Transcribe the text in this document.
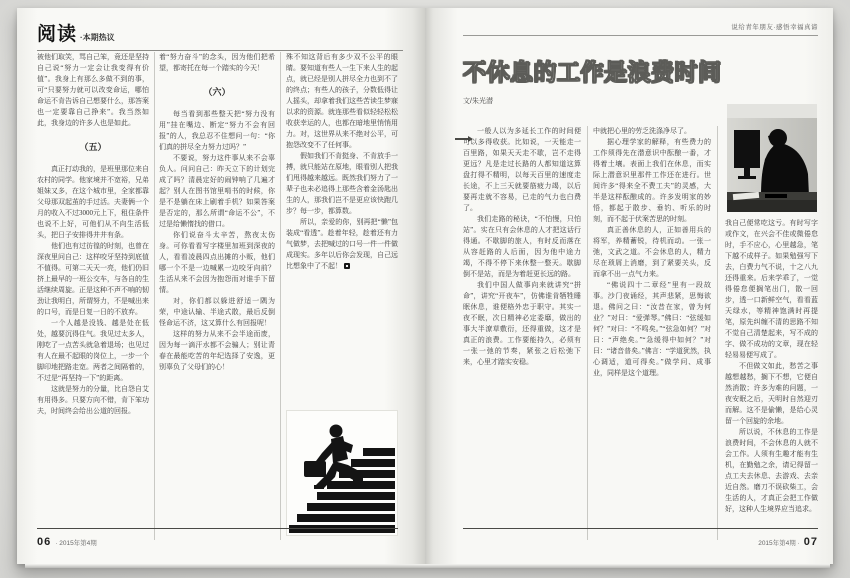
阅读 ·本期热议

被他们取笑，骂自己笨，竟还是坚持自己说“努力一定会让我变得有价值”。我身上有那么多做不到的事，可“只要努力就可以改变命运，哪怕命运不肯告诉自己想要什么，那答案也一定要靠自己挣来”。我当然如此，我身边的许多人也是如此。

（五）

真正打动我的，是班里那位来自农村的同学。他家境并不宽裕，兄弟姐妹又多，在这个城市里，全家都靠父母那双起茧的手过活。夫妻俩一个月的收入不过3000元上下，租住条件也说不上好，可他们从不向生活低头，把日子安排得井井有条。

他们也有过彷徨的时刻，也曾在深夜里问自己：这样咬牙坚持到底值不值得。可第二天天一亮，他们仍旧挤上最早的一班公交车，与各自的生活继续周旋。正是这种不声不响的韧劲让我明白，所谓努力，不是喊出来的口号，而是日复一日的不放弃。

一个人越是没钱、越是处在低处，越要沉得住气。我见过太多人，刚吃了一点苦头就急着退场；也见过有人在最不起眼的岗位上，一步一个脚印地把路走宽。两者之间隔着的，不过是“再坚持一下”的距离。

这就是努力的分量，比自怨自艾有用得多。只要方向不错，肯下笨功夫，时间终会给出公道的回报。

着“努力奋斗”的念头，因为他们把希望，都寄托在每一个踏实的今天！

（六）

每当看到那些整天把“努力没有用”挂在嘴边、断定“努力不会有回报”的人，我总忍不住想问一句：“你们真的拼尽全力努力过吗？”

不要说，努力这件事从来不会辜负人。问问自己：昨天立下的计划完成了吗？清晨定好的闹钟响了几遍才起？别人在图书馆里啃书的时候，你是不是躺在床上刷着手机？如果答案是否定的，那么所谓“命运不公”，不过是给懒惰找的借口。

你们说奋斗太辛苦，熬夜太伤身。可你看看写字楼里加班到深夜的人，看看凌晨四点出摊的小贩，他们哪一个不是一边喊累一边咬牙向前？生活从来不会因为抱怨而对谁手下留情。

对，你们都以躲进舒适一隅为荣，中途认输、半途式散，最后反倒怪命运不济，这又算什么有回报呢！

这样的努力从来不会半途而废，因为每一滴汗水都不会骗人；别让青春在最能吃苦的年纪选择了安逸，更别辜负了父母们的心！

殊不知这背后有多少双不公平的眼睛。要知道有些人一生下来人生的起点，就已经是别人拼尽全力也到不了的终点；有些人的孩子，分数低得让人摇头，却拿着我们这些苦读生梦寐以求的资源。就连那些看似轻轻松松收获幸运的人，也都在暗地里悄悄用力。对，这世界从来不绝对公平，可抱怨改变不了任何事。

假如我们不肯挺身、不肯放手一搏，就只能站在原地，眼看别人把我们甩得越来越远。既然我们努力了一辈子也未必追得上那些含着金汤匙出生的人，那我们岂不是更应该快跑几步？每一步，都算数。

所以，亲爱的你，别再把“懒”包装成“看透”。趁着年轻，趁着还有力气做梦，去把喊过的口号一件一件做成现实。多年以后你会发现，自己远比想象中了不起！

06 · 2015年第4期
说给青年朋友·感悟幸福真谛
不休息的工作是浪费时间
文/朱光潜

一般人以为多延长工作的时间便可以多得收获。比如说，一天能走一百里路，如果天天走不歇，岂不走得更远？凡是走过长路的人都知道这算盘打得不精明，以每天百里的速度走长途，不上三天就要筋疲力竭，以后要再走就不容易，已走的气力也白费了。

我们走路的秘诀，“不怕慢，只怕站”。实在只有会休息的人才把这话行得通。不歇脚的旅人，有时反而落在从容赶路的人后面，因为他中途力竭，不得不停下来休整一整天。歇脚倒不是站，而是为着赶更长远的路。

我们中国人做事向来就讲究“拼命”，讲究“开夜车”，仿佛谁肯牺牲睡眠休息，谁便格外忠于职守。其实一夜不眠，次日精神必定委靡，做出的事大半潦草敷衍，还得重做，这才是真正的浪费。工作要能持久，必须有一张一弛的节奏，紧张之后松弛下来，心里才踏实安稳。

中就把心里的劳乏洗涤净尽了。

据心理学家的解释，有些费力的工作须得先在潜意识中酝酿一番，才得着土壤。表面上我们在休息，而实际上潜意识里那件工作还在进行。世间许多“得来全不费工夫”的灵感，大半是这样酝酿成的。许多发明家的妙悟，都起于散步、垂钓、听乐的时刻，而不起于伏案苦思的时刻。

真正善休息的人，正如善用兵的将军，养精蓄锐，待机而动。一张一弛，文武之道。不会休息的人，精力尽在琐屑上消磨，到了紧要关头，反而拿不出一点气力来。

“佛说四十二章经”里有一段故事。沙门夜诵经，其声悲紧，思悔欲退。佛问之曰：“汝昔在家，曾为何业？”对曰：“爱弹琴。”佛曰：“弦缓如何？”对曰：“不鸣矣。”“弦急如何？”对曰：“声绝矣。”“急缓得中如何？”对曰：“诸音普矣。”佛言：“学道犹然，执心调适，道可得矣。”做学问、成事业，同样是这个道理。

我自己便常吃这亏。有时写字或作文，在兴会不佳或微倦怠时，手不应心，心里越急，笔下越不成样子。如果勉强写下去，白费力气不说，十之八九还得重来。后来学乖了，一觉得倦怠便搁笔出门，散一回步，透一口新鲜空气，看看蓝天绿水，等精神饱满时再提笔，原先纠缠不清的思路不知不觉自己清楚起来，写不成的字、做不成功的文章，现在轻轻易易便写成了。

不但做文如此，愁苦之事越想越愁，搁下不想，它便自然消散；许多为难的问题，一夜安眠之后，天明时自然迎刃而解。这不是偷懒，是给心灵留一个回旋的余地。

所以说，不休息的工作是浪费时间，不会休息的人就不会工作。人须有生趣才能有生机，在勤勉之余，请记得留一点工夫去休息、去游戏、去亲近自然。磨刀不误砍柴工，会生活的人，才真正会把工作做好，这种人生境界应当追求。

2015年第4期 · 07
